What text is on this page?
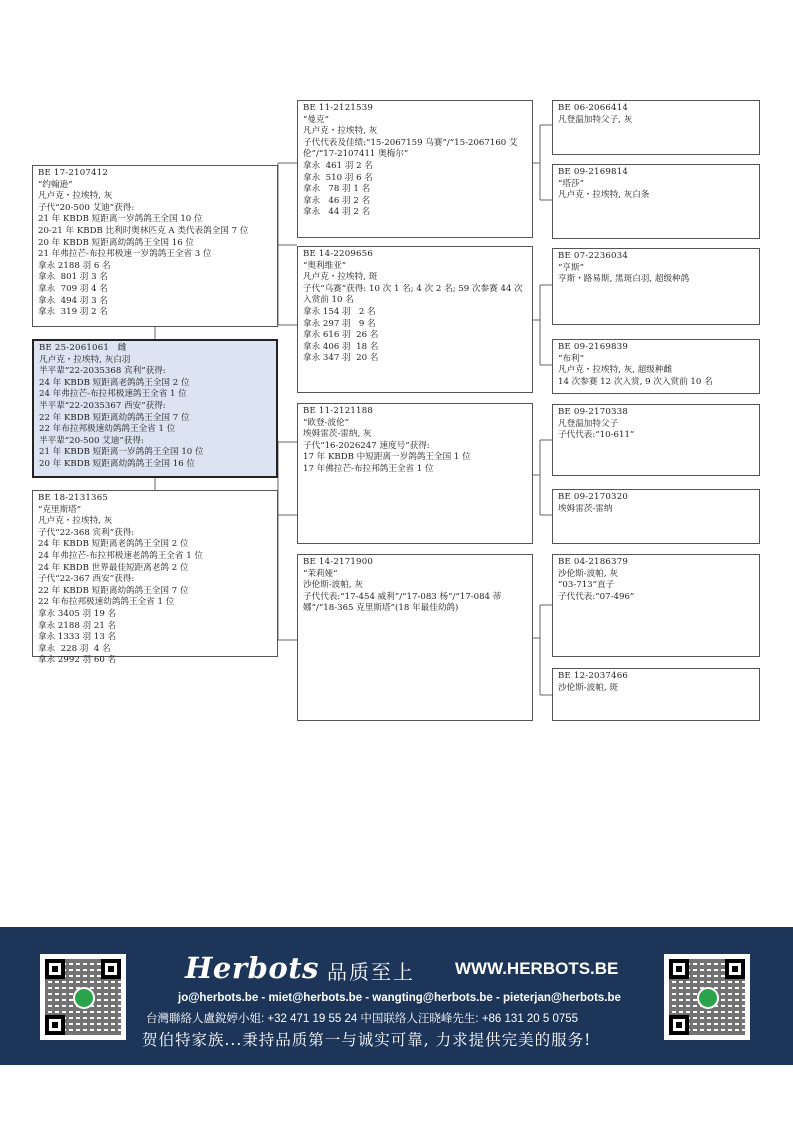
BE 17-2107412
“约翰逊”
凡卢克・拉埃特, 灰
子代“20-500 艾迪”获得:
21 年 KBDB 短距离一岁鸽鸽王全国 10 位
20-21 年 KBDB 比利时奥林匹克 A 类代表鸽全国 7 位
20 年 KBDB 短距离幼鸽鸽王全国 16 位
21 年弗拉芒-布拉邦极速一岁鸽鸽王全省 3 位
拿永 2188 羽 6 名
拿永  801 羽 3 名
拿永  709 羽 4 名
拿永  494 羽 3 名
拿永  319 羽 2 名
BE 25-2061061   雌
凡卢克・拉埃特, 灰白羽
半平辈“22-2035368 宾利”获得:
24 年 KBDB 短距离老鸽鸽王全国 2 位
24 年弗拉芒-布拉邦极速鸽王全省 1 位
半平辈“22-2035367 西安”获得:
22 年 KBDB 短距离幼鸽鸽王全国 7 位
22 年布拉邦极速幼鸽鸽王全省 1 位
半平辈“20-500 艾迪”获得:
21 年 KBDB 短距离一岁鸽鸽王全国 10 位
20 年 KBDB 短距离幼鸽鸽王全国 16 位
BE 18-2131365
“克里斯塔”
凡卢克・拉埃特, 灰
子代“22-368 宾利”获得:
24 年 KBDB 短距离老鸽鸽王全国 2 位
24 年弗拉芒-布拉邦极速老鸽鸽王全省 1 位
24 年 KBDB 世界最佳短距离老鸽 2 位
子代“22-367 西安”获得:
22 年 KBDB 短距离幼鸽鸽王全国 7 位
22 年布拉邦极速幼鸽鸽王全省 1 位
拿永 3405 羽 19 名
拿永 2188 羽 21 名
拿永 1333 羽 13 名
拿永  228 羽  4 名
拿永 2992 羽 60 名
BE 11-2121539
“曼克”
凡卢克・拉埃特, 灰
子代代表及佳绩:“15-2067159 乌赛”/“15-2067160 艾伦”/“17-2107411 奥梅尔”
拿永  461 羽 2 名
拿永  510 羽 6 名
拿永   78 羽 1 名
拿永   46 羽 2 名
拿永   44 羽 2 名
BE 14-2209656
“奥利维亚”
凡卢克・拉埃特, 斑
子代“乌赛”获得: 10 次 1 名; 4 次 2 名; 59 次参赛 44 次入赏前 10 名
拿永 154 羽   2 名
拿永 297 羽   9 名
拿永 616 羽  26 名
拿永 406 羽  18 名
拿永 347 羽  20 名
BE 11-2121188
“欧登-波伦”
埃姆雷茨-雷纳, 灰
子代“16-2026247 速度号”获得:
17 年 KBDB 中短距离一岁鸽鸽王全国 1 位
17 年佛拉芒-布拉邦鸽王全省 1 位
BE 14-2171900
“茉莉娅”
沙伦斯-波帕, 灰
子代代表:“17-454 威利”/“17-083 杨”/“17-084 蒂娜”/“18-365 克里斯塔”(18 年最佳幼鸽)
BE 06-2066414
凡登温加特父子, 灰
BE 09-2169814
“塔莎”
凡卢克・拉埃特, 灰白条
BE 07-2236034
“亨斯”
亨斯・路易斯, 黑斑白羽, 超级种鸽
BE 09-2169839
“布利”
凡卢克・拉埃特, 灰, 超级种雌
14 次参赛 12 次入赏, 9 次入赏前 10 名
BE 09-2170338
凡登温加特父子
子代代表:“10-611”
BE 09-2170320
埃姆雷茨-雷纳
BE 04-2186379
沙伦斯-波帕, 灰
“03-713”直子
子代代表:“07-496”
BE 12-2037466
沙伦斯-波帕, 斑
Herbots 品质至上 WWW.HERBOTS.BE
jo@herbots.be - miet@herbots.be - wangting@herbots.be - pieterjan@herbots.be
台灣聯絡人盧銳婷小姐: +32 471 19 55 24 中国联络人汪晓峰先生: +86 131 20 5 0755
贺伯特家族...秉持品质第一与诚实可靠, 力求提供完美的服务!
